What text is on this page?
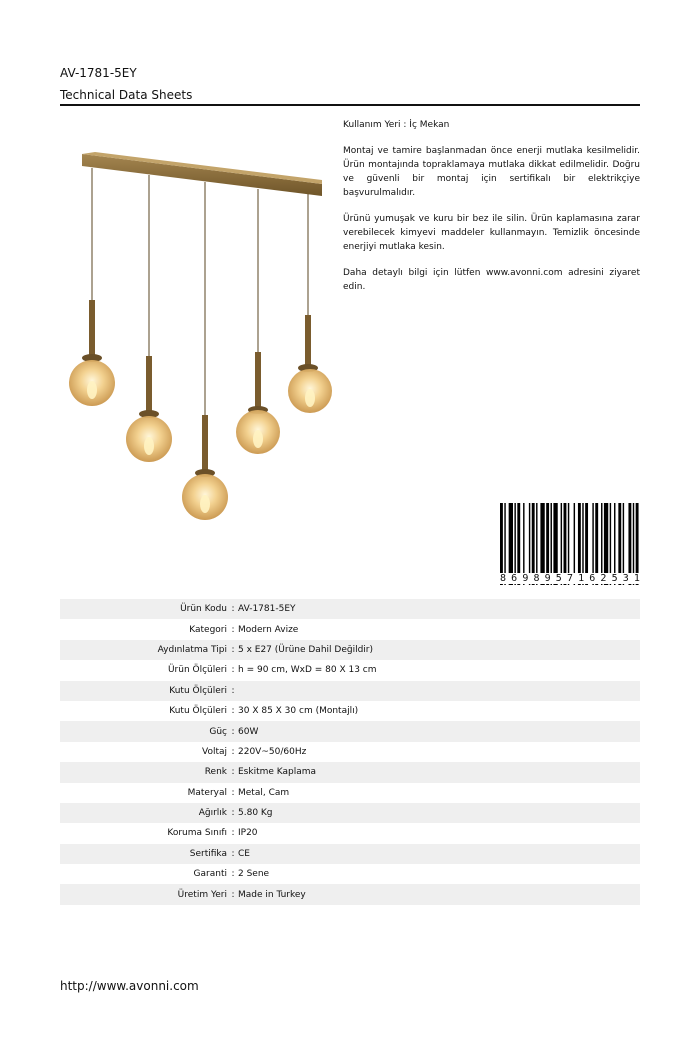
AV-1781-5EY
Technical Data Sheets

Kullanım Yeri : İç Mekan

Montaj ve tamire başlanmadan önce enerji mutlaka kesilmelidir. Ürün montajında topraklamaya mutlaka dikkat edilmelidir. Doğru ve güvenli bir montaj için sertifikalı bir elektrikçiye başvurulmalıdır.

Ürünü yumuşak ve kuru bir bez ile silin. Ürün kaplamasına zarar verebilecek kimyevi maddeler kullanmayın. Temizlik öncesinde enerjiyi mutlaka kesin.

Daha detaylı bilgi için lütfen www.avonni.com adresini ziyaret edin.

8 6 9 8 9 5 7 1 6 2 5 3 1
Ürün Kodu : AV-1781-5EY
Kategori : Modern Avize
Aydınlatma Tipi : 5 x E27 (Ürüne Dahil Değildir)
Ürün Ölçüleri : h = 90 cm, WxD = 80 X 13 cm
Kutu Ölçüleri :
Kutu Ölçüleri : 30 X 85 X 30 cm (Montajlı)
Güç : 60W
Voltaj : 220V~50/60Hz
Renk : Eskitme Kaplama
Materyal : Metal, Cam
Ağırlık : 5.80 Kg
Koruma Sınıfı : IP20
Sertifika : CE
Garanti : 2 Sene
Üretim Yeri : Made in Turkey
http://www.avonni.com
